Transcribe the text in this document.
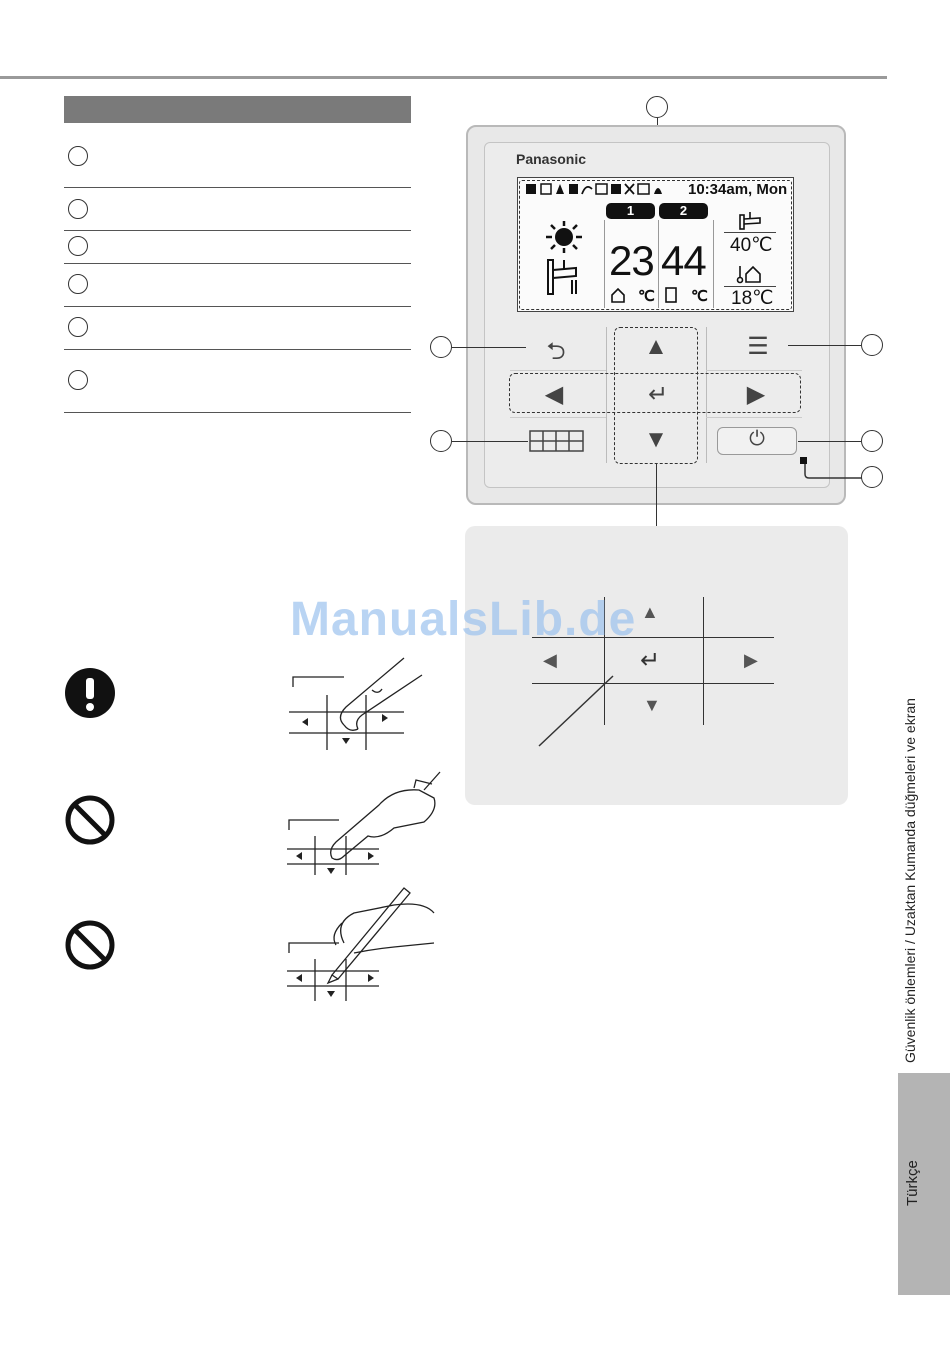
Panasonic
10:34am, Mon
1	2
23 44
℃ ℃
40℃
18℃
⮌	☰
▲
◀	↵	▶
▼	⏻
▲
◀	↵	▶
▼
ManualsLib.de
Güvenlik önlemleri / Uzaktan Kumanda düğmeleri ve ekran
Türkçe
